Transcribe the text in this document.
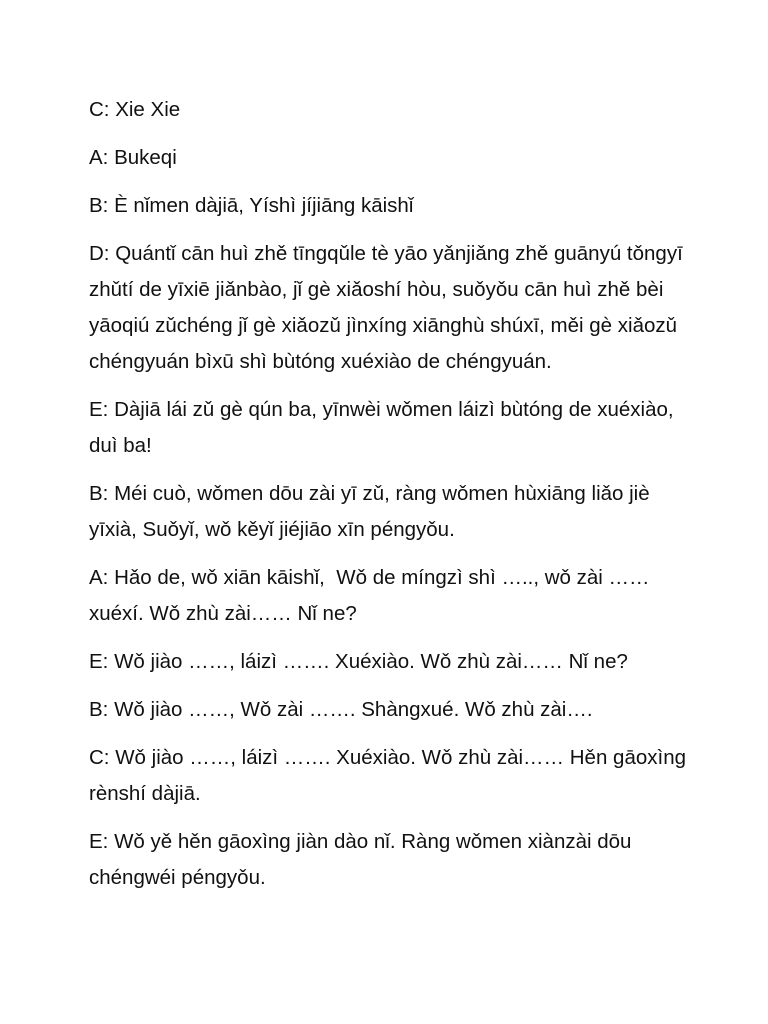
C: Xie Xie

A: Bukeqi

B: È nǐmen dàjiā, Yíshì jíjiāng kāishǐ

D: Quántǐ cān huì zhě tīngqǔle tè yāo yǎnjiǎng zhě guānyú tǒngyī zhǔtí de yīxiē jiǎnbào, jǐ gè xiǎoshí hòu, suǒyǒu cān huì zhě bèi yāoqiú zǔchéng jǐ gè xiǎozǔ jìnxíng xiānghù shúxī, měi gè xiǎozǔ chéngyuán bìxū shì bùtóng xuéxiào de chéngyuán.

E: Dàjiā lái zǔ gè qún ba, yīnwèi wǒmen láizì bùtóng de xuéxiào, duì ba!

B: Méi cuò, wǒmen dōu zài yī zǔ, ràng wǒmen hùxiāng liǎo jiè yīxià, Suǒyǐ, wǒ kěyǐ jiéjiāo xīn péngyǒu.

A: Hǎo de, wǒ xiān kāishǐ,  Wǒ de míngzì shì ….., wǒ zài …… xuéxí. Wǒ zhù zài…… Nǐ ne?

E: Wǒ jiào ……, láizì ……. Xuéxiào. Wǒ zhù zài…… Nǐ ne?

B: Wǒ jiào ……, Wǒ zài ……. Shàngxué. Wǒ zhù zài….

C: Wǒ jiào ……, láizì ……. Xuéxiào. Wǒ zhù zài…… Hěn gāoxìng rènshí dàjiā.

E: Wǒ yě hěn gāoxìng jiàn dào nǐ. Ràng wǒmen xiànzài dōu chéngwéi péngyǒu.
